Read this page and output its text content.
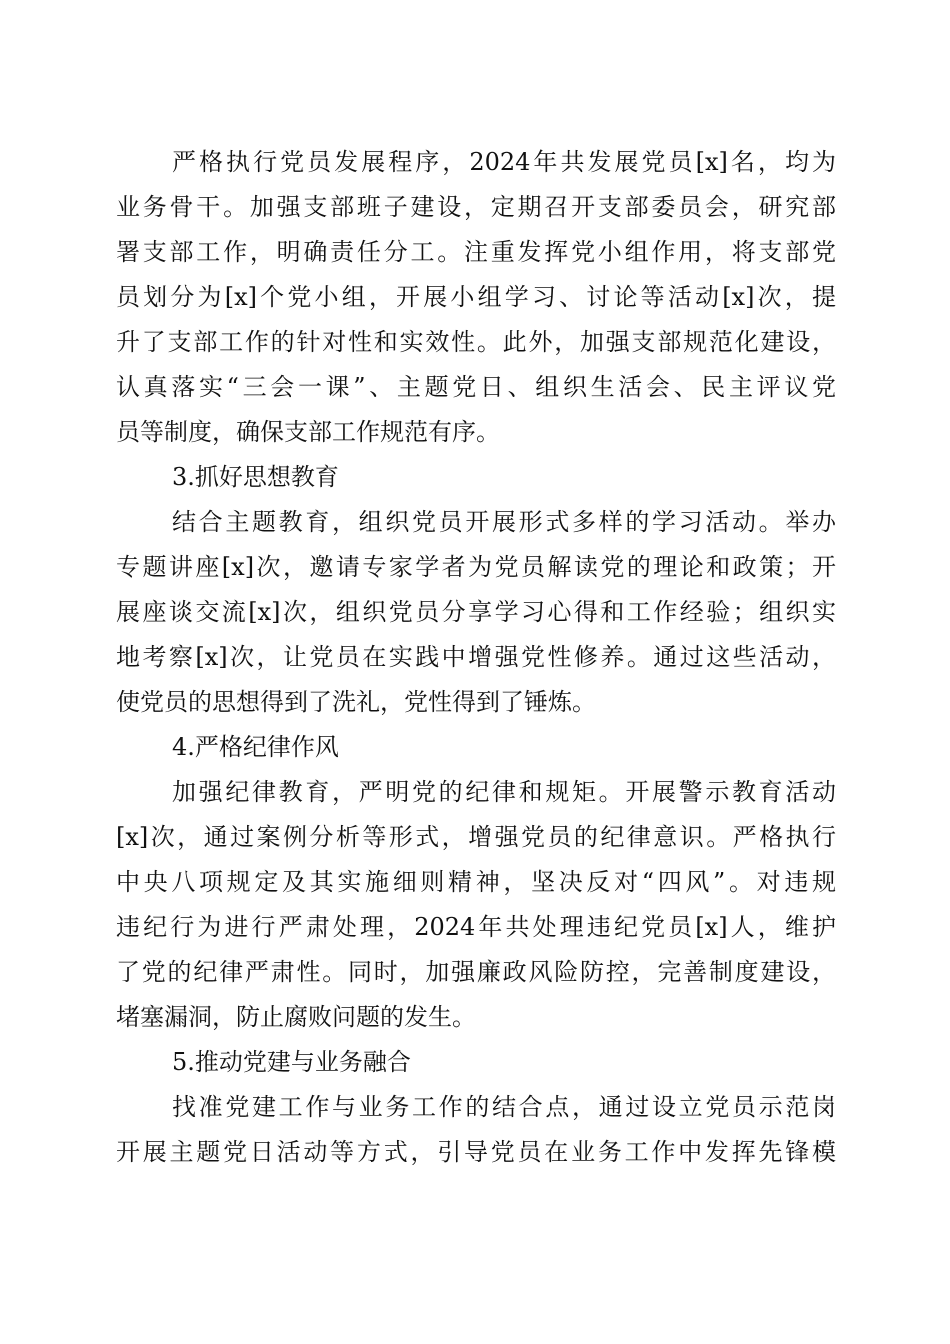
严格执行党员发展程序，2024年共发展党员[x]名，均为
业务骨干。加强支部班子建设，定期召开支部委员会，研究部
署支部工作，明确责任分工。注重发挥党小组作用，将支部党
员划分为[x]个党小组，开展小组学习、讨论等活动[x]次，提
升了支部工作的针对性和实效性。此外，加强支部规范化建设，
认真落实“三会一课”、主题党日、组织生活会、民主评议党
员等制度，确保支部工作规范有序。
3.抓好思想教育
结合主题教育，组织党员开展形式多样的学习活动。举办
专题讲座[x]次，邀请专家学者为党员解读党的理论和政策；开
展座谈交流[x]次，组织党员分享学习心得和工作经验；组织实
地考察[x]次，让党员在实践中增强党性修养。通过这些活动，
使党员的思想得到了洗礼，党性得到了锤炼。
4.严格纪律作风
加强纪律教育，严明党的纪律和规矩。开展警示教育活动
[x]次，通过案例分析等形式，增强党员的纪律意识。严格执行
中央八项规定及其实施细则精神，坚决反对“四风”。对违规
违纪行为进行严肃处理，2024年共处理违纪党员[x]人，维护
了党的纪律严肃性。同时，加强廉政风险防控，完善制度建设，
堵塞漏洞，防止腐败问题的发生。
5.推动党建与业务融合
找准党建工作与业务工作的结合点，通过设立党员示范岗
开展主题党日活动等方式，引导党员在业务工作中发挥先锋模
